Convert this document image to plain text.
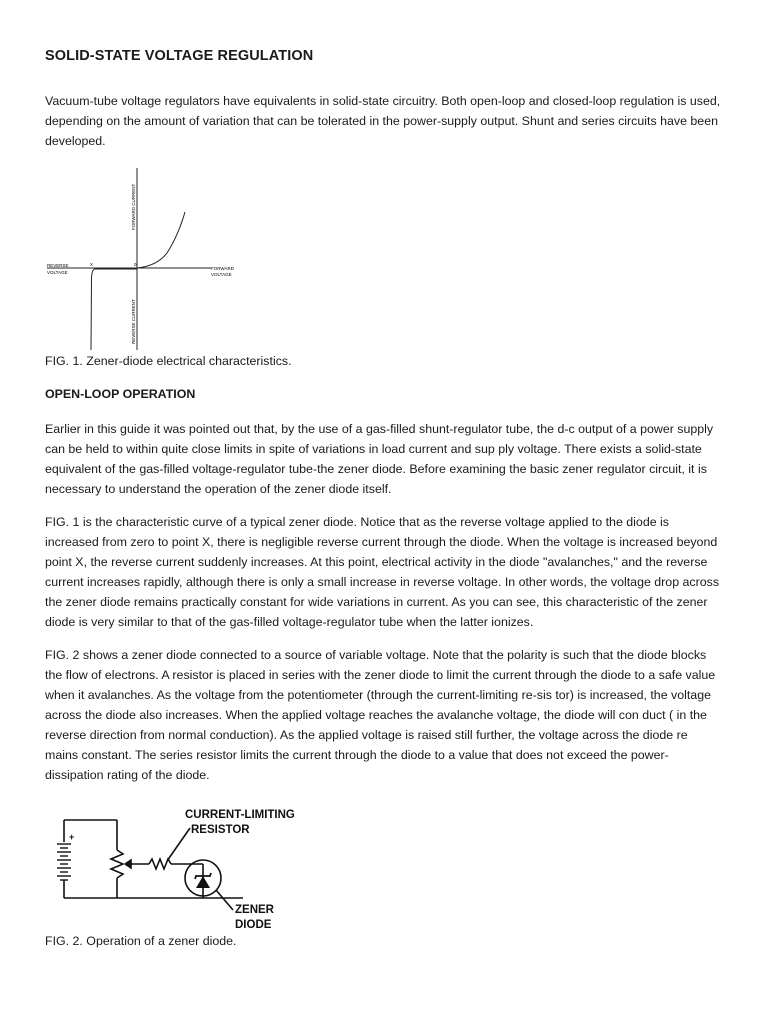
SOLID-STATE VOLTAGE REGULATION

Vacuum-tube voltage regulators have equivalents in solid-state circuitry. Both open-loop and closed-loop regulation is used, depending on the amount of variation that can be tolerated in the power-supply output. Shunt and series circuits have been developed.

FORWARD CURRENT
REVERSE CURRENT
REVERSE
VOLTAGE
FORWARD
VOLTAGE
X	0

FIG. 1. Zener-diode electrical characteristics.

OPEN-LOOP OPERATION

Earlier in this guide it was pointed out that, by the use of a gas-filled shunt-regulator tube, the d-c output of a power supply can be held to within quite close limits in spite of variations in load current and sup ply voltage. There exists a solid-state equivalent of the gas-filled voltage-regulator tube-the zener diode. Before examining the basic zener regulator circuit, it is necessary to understand the operation of the zener diode itself.

FIG. 1 is the characteristic curve of a typical zener diode. Notice that as the reverse voltage applied to the diode is increased from zero to point X, there is negligible reverse current through the diode. When the voltage is increased beyond point X, the reverse current suddenly increases. At this point, electrical activity in the diode "avalanches," and the reverse current increases rapidly, although there is only a small increase in reverse voltage. In other words, the voltage drop across the zener diode remains practically constant for wide variations in current. As you can see, this characteristic of the zener diode is very similar to that of the gas-filled voltage-regulator tube when the latter ionizes.

FIG. 2 shows a zener diode connected to a source of variable voltage. Note that the polarity is such that the diode blocks the flow of electrons. A resistor is placed in series with the zener diode to limit the current through the diode to a safe value when it avalanches. As the voltage from the potentiometer (through the current-limiting re-sis tor) is increased, the voltage across the diode also increases. When the applied voltage reaches the avalanche voltage, the diode will con duct ( in the reverse direction from normal conduction). As the applied voltage is raised still further, the voltage across the diode re mains constant. The series resistor limits the current through the diode to a value that does not exceed the power-dissipation rating of the diode.

+
CURRENT-LIMITING
RESISTOR
ZENER
DIODE

FIG. 2. Operation of a zener diode.
